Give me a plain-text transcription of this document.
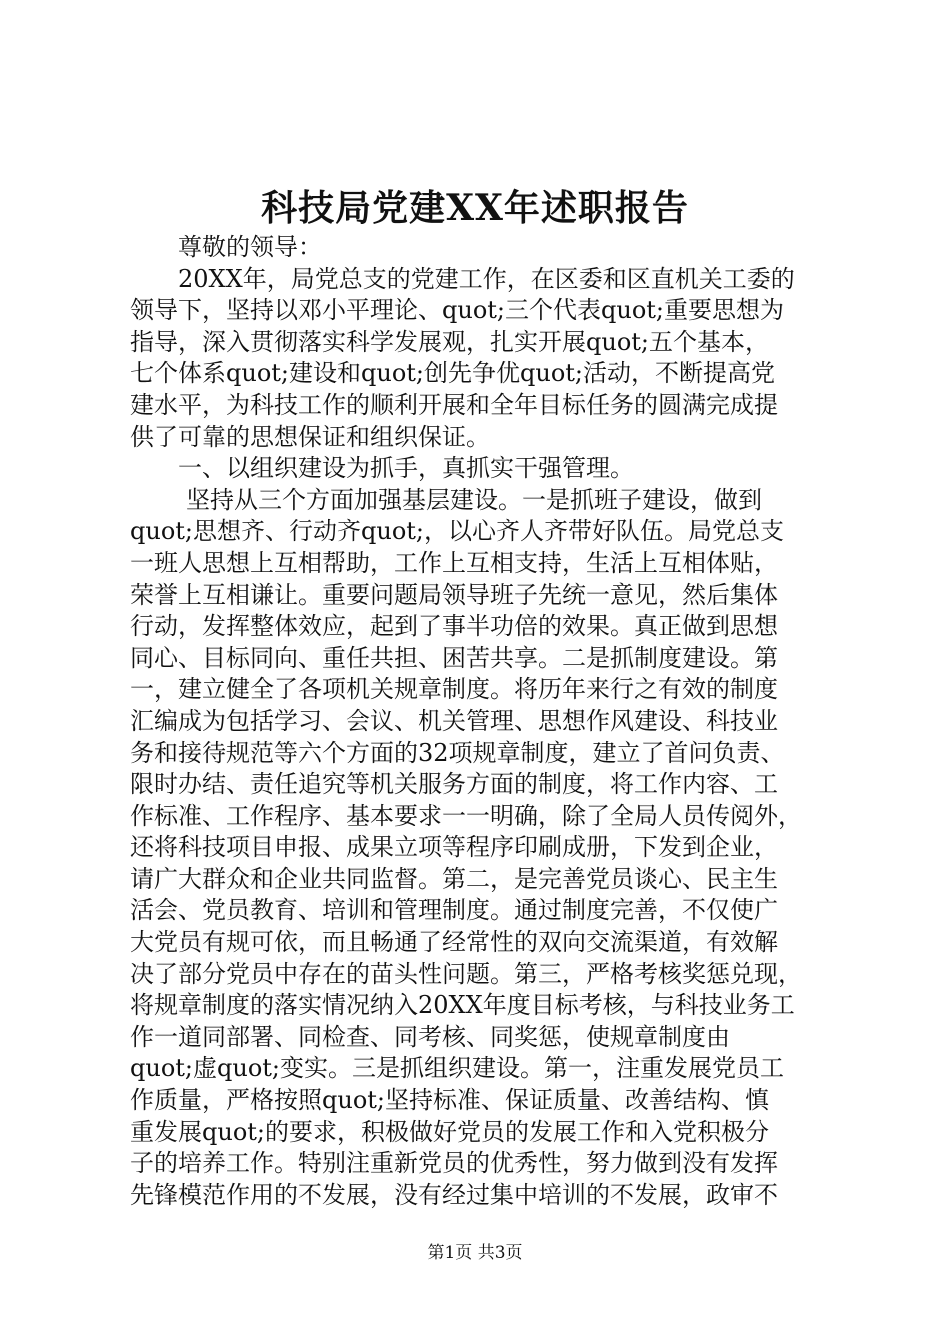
科技局党建XX年述职报告
尊敬的领导：
20XX年，局党总支的党建工作，在区委和区直机关工委的
领导下，坚持以邓小平理论、quot;三个代表quot;重要思想为
指导，深入贯彻落实科学发展观，扎实开展quot;五个基本，
七个体系quot;建设和quot;创先争优quot;活动，不断提高党
建水平，为科技工作的顺利开展和全年目标任务的圆满完成提
供了可靠的思想保证和组织保证。
一、以组织建设为抓手，真抓实干强管理。
坚持从三个方面加强基层建设。一是抓班子建设，做到
quot;思想齐、行动齐quot;，以心齐人齐带好队伍。局党总支
一班人思想上互相帮助，工作上互相支持，生活上互相体贴，
荣誉上互相谦让。重要问题局领导班子先统一意见，然后集体
行动，发挥整体效应，起到了事半功倍的效果。真正做到思想
同心、目标同向、重任共担、困苦共享。二是抓制度建设。第
一，建立健全了各项机关规章制度。将历年来行之有效的制度
汇编成为包括学习、会议、机关管理、思想作风建设、科技业
务和接待规范等六个方面的32项规章制度，建立了首问负责、
限时办结、责任追究等机关服务方面的制度，将工作内容、工
作标准、工作程序、基本要求一一明确，除了全局人员传阅外，
还将科技项目申报、成果立项等程序印刷成册，下发到企业，
请广大群众和企业共同监督。第二，是完善党员谈心、民主生
活会、党员教育、培训和管理制度。通过制度完善，不仅使广
大党员有规可依，而且畅通了经常性的双向交流渠道，有效解
决了部分党员中存在的苗头性问题。第三，严格考核奖惩兑现，
将规章制度的落实情况纳入20XX年度目标考核，与科技业务工
作一道同部署、同检查、同考核、同奖惩，使规章制度由
quot;虚quot;变实。三是抓组织建设。第一，注重发展党员工
作质量，严格按照quot;坚持标准、保证质量、改善结构、慎
重发展quot;的要求，积极做好党员的发展工作和入党积极分
子的培养工作。特别注重新党员的优秀性，努力做到没有发挥
先锋模范作用的不发展，没有经过集中培训的不发展，政审不
第1页 共3页
